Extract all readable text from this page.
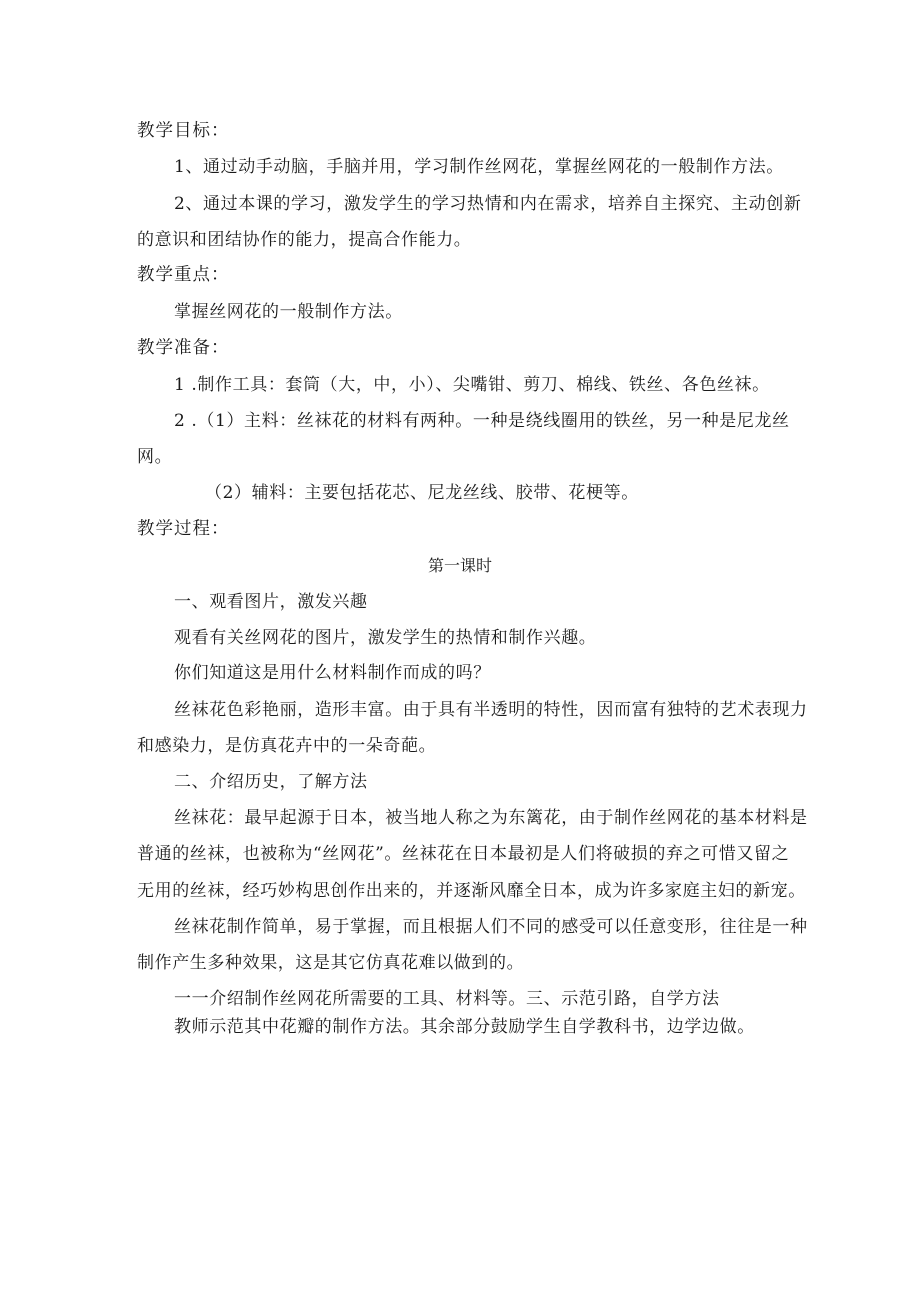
教学目标：
1、通过动手动脑，手脑并用，学习制作丝网花，掌握丝网花的一般制作方法。
2、通过本课的学习，激发学生的学习热情和内在需求，培养自主探究、主动创新
的意识和团结协作的能力，提高合作能力。
教学重点：
掌握丝网花的一般制作方法。
教学准备：
1 .制作工具：套筒（大，中，小）、尖嘴钳、剪刀、棉线、铁丝、各色丝袜。
2 .（1）主料：丝袜花的材料有两种。一种是绕线圈用的铁丝，另一种是尼龙丝
网。
（2）辅料：主要包括花芯、尼龙丝线、胶带、花梗等。
教学过程：
第一课时
一、观看图片，激发兴趣
观看有关丝网花的图片，激发学生的热情和制作兴趣。
你们知道这是用什么材料制作而成的吗？
丝袜花色彩艳丽，造形丰富。由于具有半透明的特性，因而富有独特的艺术表现力
和感染力，是仿真花卉中的一朵奇葩。
二、介绍历史，了解方法
丝袜花：最早起源于日本，被当地人称之为东篱花，由于制作丝网花的基本材料是
普通的丝袜，也被称为“丝网花”。丝袜花在日本最初是人们将破损的弃之可惜又留之
无用的丝袜，经巧妙构思创作出来的，并逐渐风靡全日本，成为许多家庭主妇的新宠。
丝袜花制作简单，易于掌握，而且根据人们不同的感受可以任意变形，往往是一种
制作产生多种效果，这是其它仿真花难以做到的。
一一介绍制作丝网花所需要的工具、材料等。三、示范引路，自学方法
教师示范其中花瓣的制作方法。其余部分鼓励学生自学教科书，边学边做。
